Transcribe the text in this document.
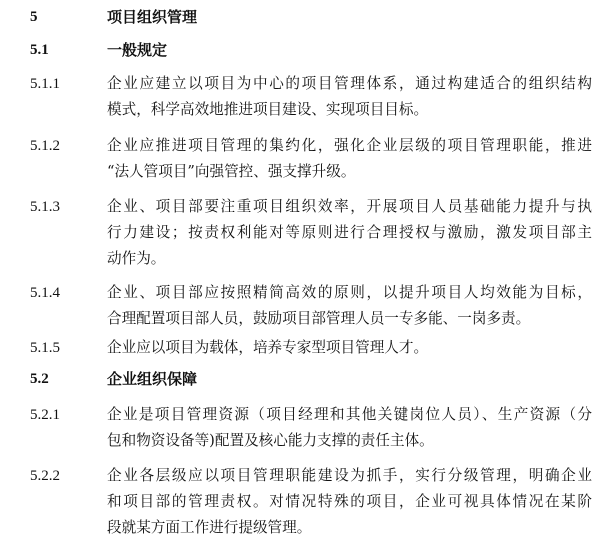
5	项目组织管理
5.1	一般规定
5.1.1	企业应建立以项目为中心的项目管理体系，通过构建适合的组织结构
模式，科学高效地推进项目建设、实现项目目标。
5.1.2	企业应推进项目管理的集约化，强化企业层级的项目管理职能，推进
“法人管项目”向强管控、强支撑升级。
5.1.3	企业、项目部要注重项目组织效率，开展项目人员基础能力提升与执
行力建设；按责权利能对等原则进行合理授权与激励，激发项目部主
动作为。
5.1.4	企业、项目部应按照精简高效的原则，以提升项目人均效能为目标，
合理配置项目部人员，鼓励项目部管理人员一专多能、一岗多责。
5.1.5	企业应以项目为载体，培养专家型项目管理人才。
5.2	企业组织保障
5.2.1	企业是项目管理资源（项目经理和其他关键岗位人员）、生产资源（分
包和物资设备等)配置及核心能力支撑的责任主体。
5.2.2	企业各层级应以项目管理职能建设为抓手，实行分级管理，明确企业
和项目部的管理责权。对情况特殊的项目，企业可视具体情况在某阶
段就某方面工作进行提级管理。
